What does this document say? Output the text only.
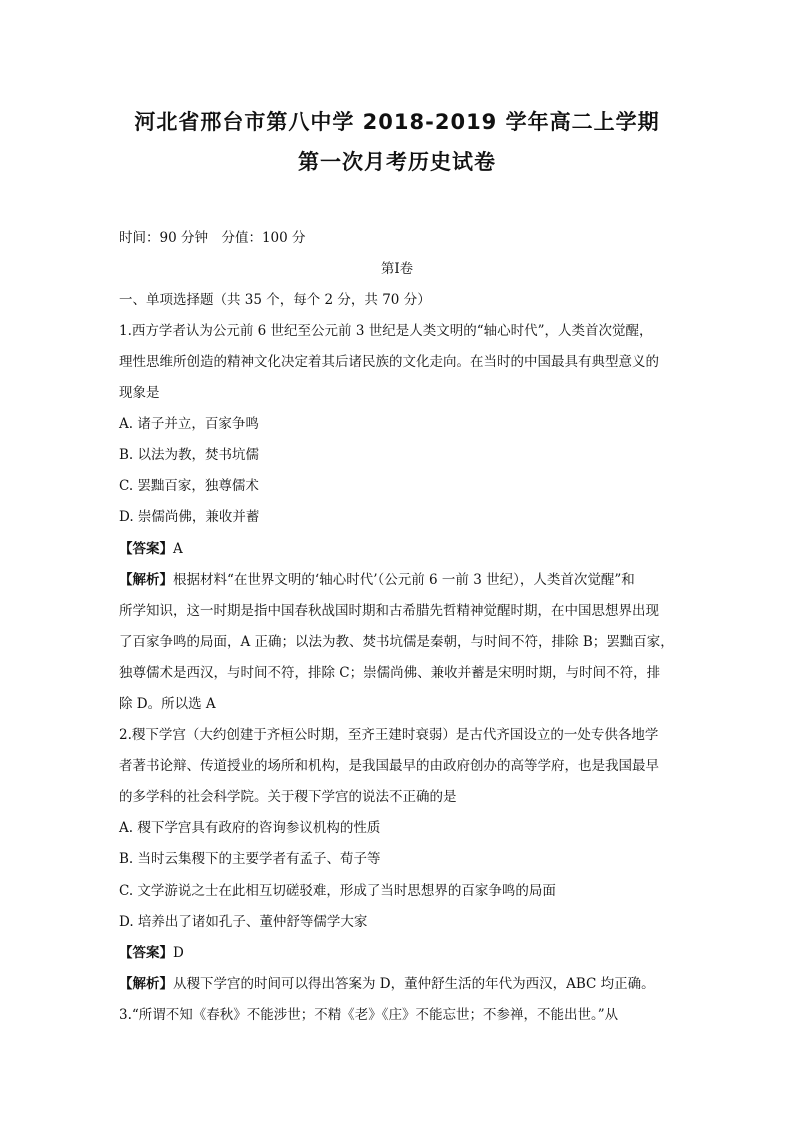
河北省邢台市第八中学 2018-2019 学年高二上学期
第一次月考历史试卷
时间：90 分钟　分值：100 分
第Ⅰ卷
一、单项选择题（共 35 个，每个 2 分，共 70 分）
1.西方学者认为公元前 6 世纪至公元前 3 世纪是人类文明的“轴心时代”，人类首次觉醒，
理性思维所创造的精神文化决定着其后诸民族的文化走向。在当时的中国最具有典型意义的
现象是
A. 诸子并立，百家争鸣
B. 以法为教，焚书坑儒
C. 罢黜百家，独尊儒术
D. 崇儒尚佛，兼收并蓄
【答案】A
【解析】根据材料“在世界文明的‘轴心时代’（公元前 6 一前 3 世纪），人类首次觉醒”和
所学知识，这一时期是指中国春秋战国时期和古希腊先哲精神觉醒时期，在中国思想界出现
了百家争鸣的局面，A 正确；以法为教、焚书坑儒是秦朝，与时间不符，排除 B；罢黜百家，
独尊儒术是西汉，与时间不符，排除 C；崇儒尚佛、兼收并蓄是宋明时期，与时间不符，排
除 D。所以选 A
2.稷下学宫（大约创建于齐桓公时期，至齐王建时衰弱）是古代齐国设立的一处专供各地学
者著书论辩、传道授业的场所和机构，是我国最早的由政府创办的高等学府，也是我国最早
的多学科的社会科学院。关于稷下学宫的说法不正确的是
A. 稷下学宫具有政府的咨询参议机构的性质
B. 当时云集稷下的主要学者有孟子、荀子等
C. 文学游说之士在此相互切磋驳难，形成了当时思想界的百家争鸣的局面
D. 培养出了诸如孔子、董仲舒等儒学大家
【答案】D
【解析】从稷下学宫的时间可以得出答案为 D，董仲舒生活的年代为西汉，ABC 均正确。
3.“所谓不知《春秋》不能涉世；不精《老》《庄》不能忘世；不参禅，不能出世。”从
